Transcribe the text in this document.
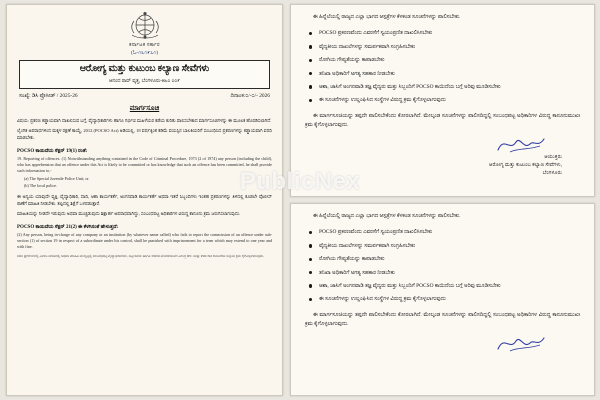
ಕರ್ನಾಟಕ ಸರ್ಕಾರ
(ಓ-೧೬೧೯೭೧)
ಆರೋಗ್ಯ ಮತ್ತು ಕುಟುಂಬ ಕಲ್ಯಾಣ ಸೇವೆಗಳು
ಆನಂದ ರಾವ್ ವೃತ್ತ, ಬೆಂಗಳೂರು-೫೬೦ ೦೦೯
ಸಂಖ್ಯೆ: ಡಿಸಿ ಪ್ರೊಸೀಡ್ / 2025-26	ದಿನಾಂಕ:೦/-೦/- 2026
ಮಾರ್ಗಸೂಚಿ
ವಿಷಯ: ಪ್ರಕರಣ ಕಡ್ಡಾಯವಾಗಿ ದಾಖಲಿಸುವ ಬಗ್ಗೆ, ವೈದ್ಯಾಧಿಕಾರಿಗಳು ಹಾಗೂ ಗರ್ಭಿಣಿ ಮಹಿಳೆಯರ ಕಡೆಯ ಕುರಿತು ಪಾಲಿಸಬೇಕಾದ ಮಾರ್ಗಸೂಚಿಗಳನ್ನು ಈ ಮೂಲಕ ಹೊರಡಿಸಲಾಗಿದೆ.
ಲೈಂಗಿಕ ಅಪರಾಧಗಳಿಂದ ಮಕ್ಕಳ ರಕ್ಷಣೆ ಕಾಯ್ದೆ, 2012 (POCSO Act) ಅಡಿಯಲ್ಲಿ, 18 ವರ್ಷಕ್ಕಿಂತ ಕಡಿಮೆ ವಯಸ್ಸಿನ ಬಾಲಕಿಯರಿಗೆ ಸಂಬಂಧಿಸಿದ ಪ್ರಕರಣಗಳನ್ನು ಕಡ್ಡಾಯವಾಗಿ ವರದಿ ಮಾಡಬೇಕು.
POCSO ಕಾಯಿದೆಯ ಸೆಕ್ಷನ್ 19(1) ರಂತೆ:
19. Reporting of offences. (1) Notwithstanding anything contained in the Code of Criminal Procedure, 1973 (2 of 1974) any person (including the child), who has apprehension that an offence under this Act is likely to be committed or has knowledge that such an offence has been committed, he shall provide such information to,-
(a) The Special Juvenile Police Unit; or
(b) The local police.
ಈ ಅನ್ವಯ ಯಾವುದೇ ವ್ಯಕ್ತಿ, ವೈದ್ಯಾಧಿಕಾರಿ, ದಾದಿ, ಆಶಾ ಕಾರ್ಯಕರ್ತೆ, ಅಂಗನವಾಡಿ ಕಾರ್ಯಕರ್ತೆ ಅಥವಾ ಇತರೆ ಸಿಬ್ಬಂದಿಗಳು ಇಂತಹ ಪ್ರಕರಣಗಳನ್ನು ತಿಳಿದಲ್ಲಿ ಕೂಡಲೇ ಪೊಲೀಸ್ ಠಾಣೆಗೆ ಮಾಹಿತಿ ನೀಡಬೇಕು. ತಪ್ಪಿದಲ್ಲಿ ಶಿಕ್ಷೆಗೆ ಒಳಪಡುತ್ತಾರೆ.
ಮಾಹಿತಿಯನ್ನು ನೀಡದೇ ಇರುವುದು ಅಥವಾ ಮುಚ್ಚಿಡುವುದು ಶಿಕ್ಷಾರ್ಹ ಅಪರಾಧವಾಗಿದ್ದು, ಸಂಬಂಧಪಟ್ಟ ಅಧಿಕಾರಿಗಳ ವಿರುದ್ಧ ಕಾನೂನು ಕ್ರಮ ಜರುಗಿಸಲಾಗುವುದು.
POCSO ಕಾಯಿದೆಯ ಸೆಕ್ಷನ್ 21(2) ಈ ಕೆಳಗಿನಂತೆ ಹೇಳುತ್ತದೆ:
(2) Any person, being in-charge of any company or an institution (by whatever name called) who fails to report the commission of an offence under sub-section (1) of section 19 in respect of a subordinate under his control, shall be punished with imprisonment for a term which may extend to one year and with fine.
ಸದರಿ ಪ್ರಕರಣಗಳಲ್ಲಿ ವಿಳಂಬ ಮಾಡಿದಲ್ಲಿ ಅಥವಾ ಮಾಹಿತಿ ಮುಚ್ಚಿಟ್ಟಲ್ಲಿ ಸಂಬಂಧಪಟ್ಟ ವೈದ್ಯಾಧಿಕಾರಿಗಳು, ಸಿಬ್ಬಂದಿಗಳು ಹಾಗೂ ಆಡಳಿತ ಮಂಡಳಿಯವರ ವಿರುದ್ಧ IPC ಮತ್ತು POCSO ಕಾಯಿದೆಯ ಅನ್ವಯ ಕ್ರಮ ಕೈಗೊಳ್ಳಲಾಗುವುದು.
PublicNex
ಈ ಹಿನ್ನೆಲೆಯಲ್ಲಿ ರಾಜ್ಯದ ಎಲ್ಲಾ ಭಾಗದ ಆಸ್ಪತ್ರೆಗಳ ಕೆಳಕಂಡ ಸೂಚನೆಗಳನ್ನು ಪಾಲಿಸಬೇಕು.
POCSO ಪ್ರಕರಣವೆಂದು ಎವರಸೆಗೆ ಸ್ವಯಂಪ್ರಣಿತ ದಾಖಲಿಸಿಸಬೇಕು
ವೈದ್ಯಕೀಯ ದಾಖಲೆಗಳನ್ನು ಸಮರ್ಪಕವಾಗಿ ಸಂಗ್ರಹಿಸಬೇಕು
ರೋಗಿಯ ಗೌಪ್ಯತೆಯನ್ನು ಕಾಪಾಡಬೇಕು
ತನಿಖಾ ಅಧಿಕಾರಿಗೆ ಅಗತ್ಯ ಸಹಕಾರ ನೀಡಬೇಕು
ಆಶಾ, ಜಾಸಿಗೆ ಅಂಗನವಾಡಿ ತಜ್ಞ ವೈದ್ಯರು ಮತ್ತು ಸಿಬ್ಬಂದಿಗೆ POCSO ಕಾಯಿದೆಯ ಬಗ್ಗೆ ಅರಿವು ಮೂಡಿಸಬೇಕು
ಈ ಸೂಚನೆಗಳನ್ನು ಉಲ್ಲಂಘಿಸಿದ ಸಂಸ್ಥೆಗಳ ವಿರುದ್ಧ ಕ್ರಮ ಕೈಗೊಳ್ಳಲಾಗುವುದು
ಈ ಮಾರ್ಗಸೂಚಿಯನ್ನು ತಪ್ಪದೇ ಪಾಲಿಸಬೇಕೆಂದು ಕೋರಲಾಗಿದೆ. ಮೇಲ್ಕಂಡ ಸೂಚನೆಗಳನ್ನು ಪಾಲಿಸದಿದ್ದಲ್ಲಿ ಸಂಬಂಧಪಟ್ಟ ಅಧಿಕಾರಿಗಳ ವಿರುದ್ಧ ಕಾನೂನುಮುಖಃ ಕ್ರಮ ಕೈಗೊಳ್ಳಲಾಗುವುದು.
ಆಯುಕ್ತರು
ಆರೋಗ್ಯ ಮತ್ತು ಕುಟುಂಬ ಕಲ್ಯಾಣ ಸೇವೆಗಳು,
ಬೆಂಗಳೂರು
ಈ ಹಿನ್ನೆಲೆಯಲ್ಲಿ ರಾಜ್ಯದ ಎಲ್ಲಾ ಭಾಗದ ಆಸ್ಪತ್ರೆಗಳ ಕೆಳಕಂಡ ಸೂಚನೆಗಳನ್ನು ಪಾಲಿಸಬೇಕು.
POCSO ಪ್ರಕರಣವೆಂದು ಎವರಸೆಗೆ ಸ್ವಯಂಪ್ರಣಿತ ದಾಖಲಿಸಿಸಬೇಕು
ವೈದ್ಯಕೀಯ ದಾಖಲೆಗಳನ್ನು ಸಮರ್ಪಕವಾಗಿ ಸಂಗ್ರಹಿಸಬೇಕು
ರೋಗಿಯ ಗೌಪ್ಯತೆಯನ್ನು ಕಾಪಾಡಬೇಕು
ತನಿಖಾ ಅಧಿಕಾರಿಗೆ ಅಗತ್ಯ ಸಹಕಾರ ನೀಡಬೇಕು
ಆಶಾ, ಜಾಸಿಗೆ ಅಂಗನವಾಡಿ ತಜ್ಞ ವೈದ್ಯರು ಮತ್ತು ಸಿಬ್ಬಂದಿಗೆ POCSO ಕಾಯಿದೆಯ ಬಗ್ಗೆ ಅರಿವು ಮೂಡಿಸಬೇಕು
ಈ ಸೂಚನೆಗಳನ್ನು ಉಲ್ಲಂಘಿಸಿದ ಸಂಸ್ಥೆಗಳ ವಿರುದ್ಧ ಕ್ರಮ ಕೈಗೊಳ್ಳಲಾಗುವುದು
ಈ ಮಾರ್ಗಸೂಚಿಯನ್ನು ತಪ್ಪದೇ ಪಾಲಿಸಬೇಕೆಂದು ಕೋರಲಾಗಿದೆ. ಮೇಲ್ಕಂಡ ಸೂಚನೆಗಳನ್ನು ಪಾಲಿಸದಿದ್ದಲ್ಲಿ ಸಂಬಂಧಪಟ್ಟ ಅಧಿಕಾರಿಗಳ ವಿರುದ್ಧ ಕಾನೂನುಮುಖಃ ಕ್ರಮ ಕೈಗೊಳ್ಳಲಾಗುವುದು.
